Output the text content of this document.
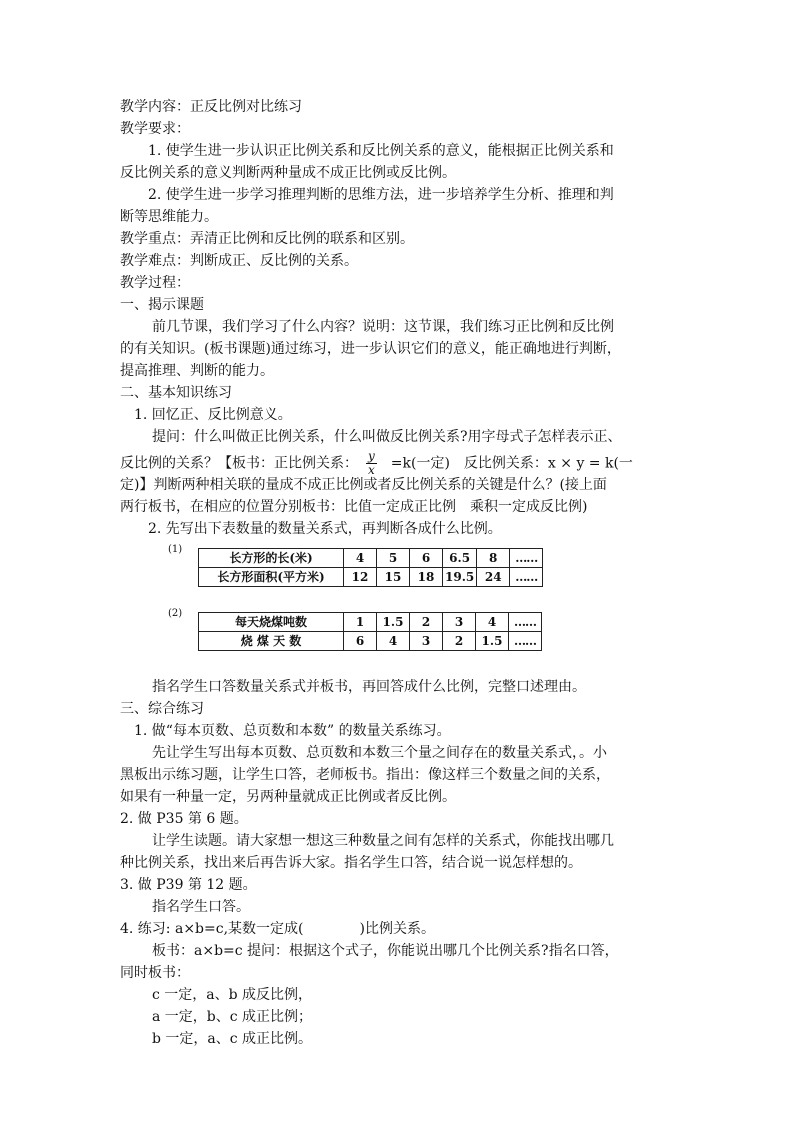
教学内容：正反比例对比练习
教学要求：
1. 使学生进一步认识正比例关系和反比例关系的意义，能根据正比例关系和
反比例关系的意义判断两种量成不成正比例或反比例。
2. 使学生进一步学习推理判断的思维方法，进一步培养学生分析、推理和判
断等思维能力。
教学重点：弄清正比例和反比例的联系和区别。
教学难点：判断成正、反比例的关系。
教学过程：
一、揭示课题
前几节课，我们学习了什么内容？说明：这节课，我们练习正比例和反比例
的有关知识。(板书课题)通过练习，进一步认识它们的意义，能正确地进行判断，
提高推理、判断的能力。
二、基本知识练习
1. 回忆正、反比例意义。
提问：什么叫做正比例关系，什么叫做反比例关系?用字母式子怎样表示正、
反比例的关系？【板书：正比例关系： $\frac{y}{x} =k$(一定)　反比例关系：x × y = k(一
定)】判断两种相关联的量成不成正比例或者反比例关系的关键是什么？(接上面
两行板书，在相应的位置分别板书：比值一定成正比例　乘积一定成反比例)
2. 先写出下表数量的数量关系式，再判断各成什么比例。
(1)
长方形的长(米)	4	5	6	6.5	8	……
长方形面积(平方米)	12	15	18	19.5	24	……
(2)
每天烧煤吨数	1	1.5	2	3	4	……
烧 煤 天 数	6	4	3	2	1.5	……
指名学生口答数量关系式并板书，再回答成什么比例，完整口述理由。
三、综合练习
1. 做“每本页数、总页数和本数” 的数量关系练习。
先让学生写出每本页数、总页数和本数三个量之间存在的数量关系式，。小
黑板出示练习题，让学生口答，老师板书。指出：像这样三个数量之间的关系，
如果有一种量一定，另两种量就成正比例或者反比例。
2. 做 P35 第 6 题。
让学生读题。请大家想一想这三种数量之间有怎样的关系式，你能找出哪几
种比例关系，找出来后再告诉大家。指名学生口答，结合说一说怎样想的。
3. 做 P39 第 12 题。
指名学生口答。
4. 练习: a×b=c,某数一定成(　　　　)比例关系。
板书：a×b=c 提问：根据这个式子，你能说出哪几个比例关系?指名口答，
同时板书：
c 一定，a、b 成反比例，
a 一定，b、c 成正比例；
b 一定，a、c 成正比例。
